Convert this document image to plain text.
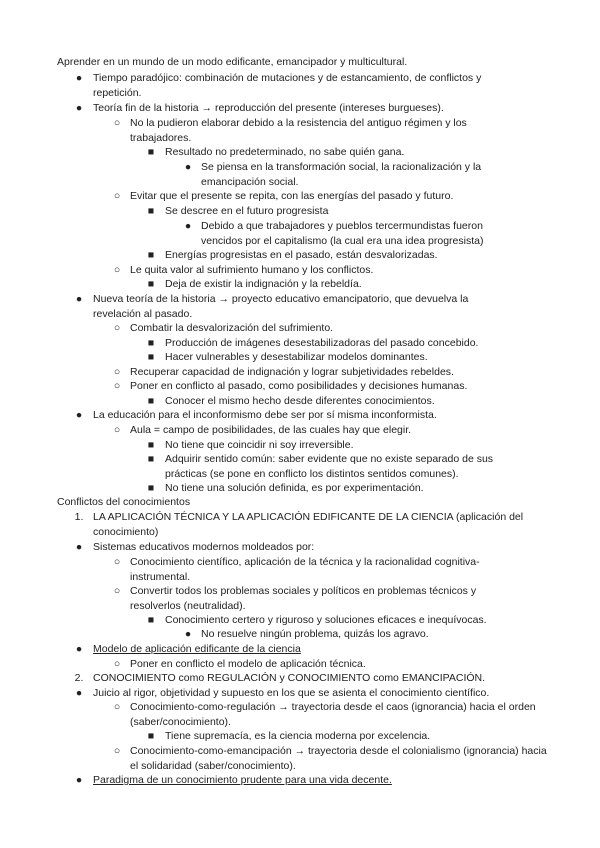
Aprender en un mundo de un modo edificante, emancipador y multicultural.
● Tiempo paradójico: combinación de mutaciones y de estancamiento, de conflictos y repetición.
● Teoría fin de la historia → reproducción del presente (intereses burgueses).
○ No la pudieron elaborar debido a la resistencia del antiguo régimen y los trabajadores.
■ Resultado no predeterminado, no sabe quién gana.
● Se piensa en la transformación social, la racionalización y la emancipación social.
○ Evitar que el presente se repita, con las energías del pasado y futuro.
■ Se descree en el futuro progresista
● Debido a que trabajadores y pueblos tercermundistas fueron vencidos por el capitalismo (la cual era una idea progresista)
■ Energías progresistas en el pasado, están desvalorizadas.
○ Le quita valor al sufrimiento humano y los conflictos.
■ Deja de existir la indignación y la rebeldía.
● Nueva teoría de la historia → proyecto educativo emancipatorio, que devuelva la revelación al pasado.
○ Combatir la desvalorización del sufrimiento.
■ Producción de imágenes desestabilizadoras del pasado concebido.
■ Hacer vulnerables y desestabilizar modelos dominantes.
○ Recuperar capacidad de indignación y lograr subjetividades rebeldes.
○ Poner en conflicto al pasado, como posibilidades y decisiones humanas.
■ Conocer el mismo hecho desde diferentes conocimientos.
● La educación para el inconformismo debe ser por sí misma inconformista.
○ Aula = campo de posibilidades, de las cuales hay que elegir.
■ No tiene que coincidir ni soy irreversible.
■ Adquirir sentido común: saber evidente que no existe separado de sus prácticas (se pone en conflicto los distintos sentidos comunes).
■ No tiene una solución definida, es por experimentación.
Conflictos del conocimientos
1. LA APLICACIÓN TÉCNICA Y LA APLICACIÓN EDIFICANTE DE LA CIENCIA (aplicación del conocimiento)
● Sistemas educativos modernos moldeados por:
○ Conocimiento científico, aplicación de la técnica y la racionalidad cognitiva-instrumental.
○ Convertir todos los problemas sociales y políticos en problemas técnicos y resolverlos (neutralidad).
■ Conocimiento certero y riguroso y soluciones eficaces e inequívocas.
● No resuelve ningún problema, quizás los agravo.
● Modelo de aplicación edificante de la ciencia
○ Poner en conflicto el modelo de aplicación técnica.
2. CONOCIMIENTO como REGULACIÓN y CONOCIMIENTO como EMANCIPACIÓN.
● Juicio al rigor, objetividad y supuesto en los que se asienta el conocimiento científico.
○ Conocimiento-como-regulación → trayectoria desde el caos (ignorancia) hacia el orden (saber/conocimiento).
■ Tiene supremacía, es la ciencia moderna por excelencia.
○ Conocimiento-como-emancipación → trayectoria desde el colonialismo (ignorancia) hacia el solidaridad (saber/conocimiento).
● Paradigma de un conocimiento prudente para una vida decente.
